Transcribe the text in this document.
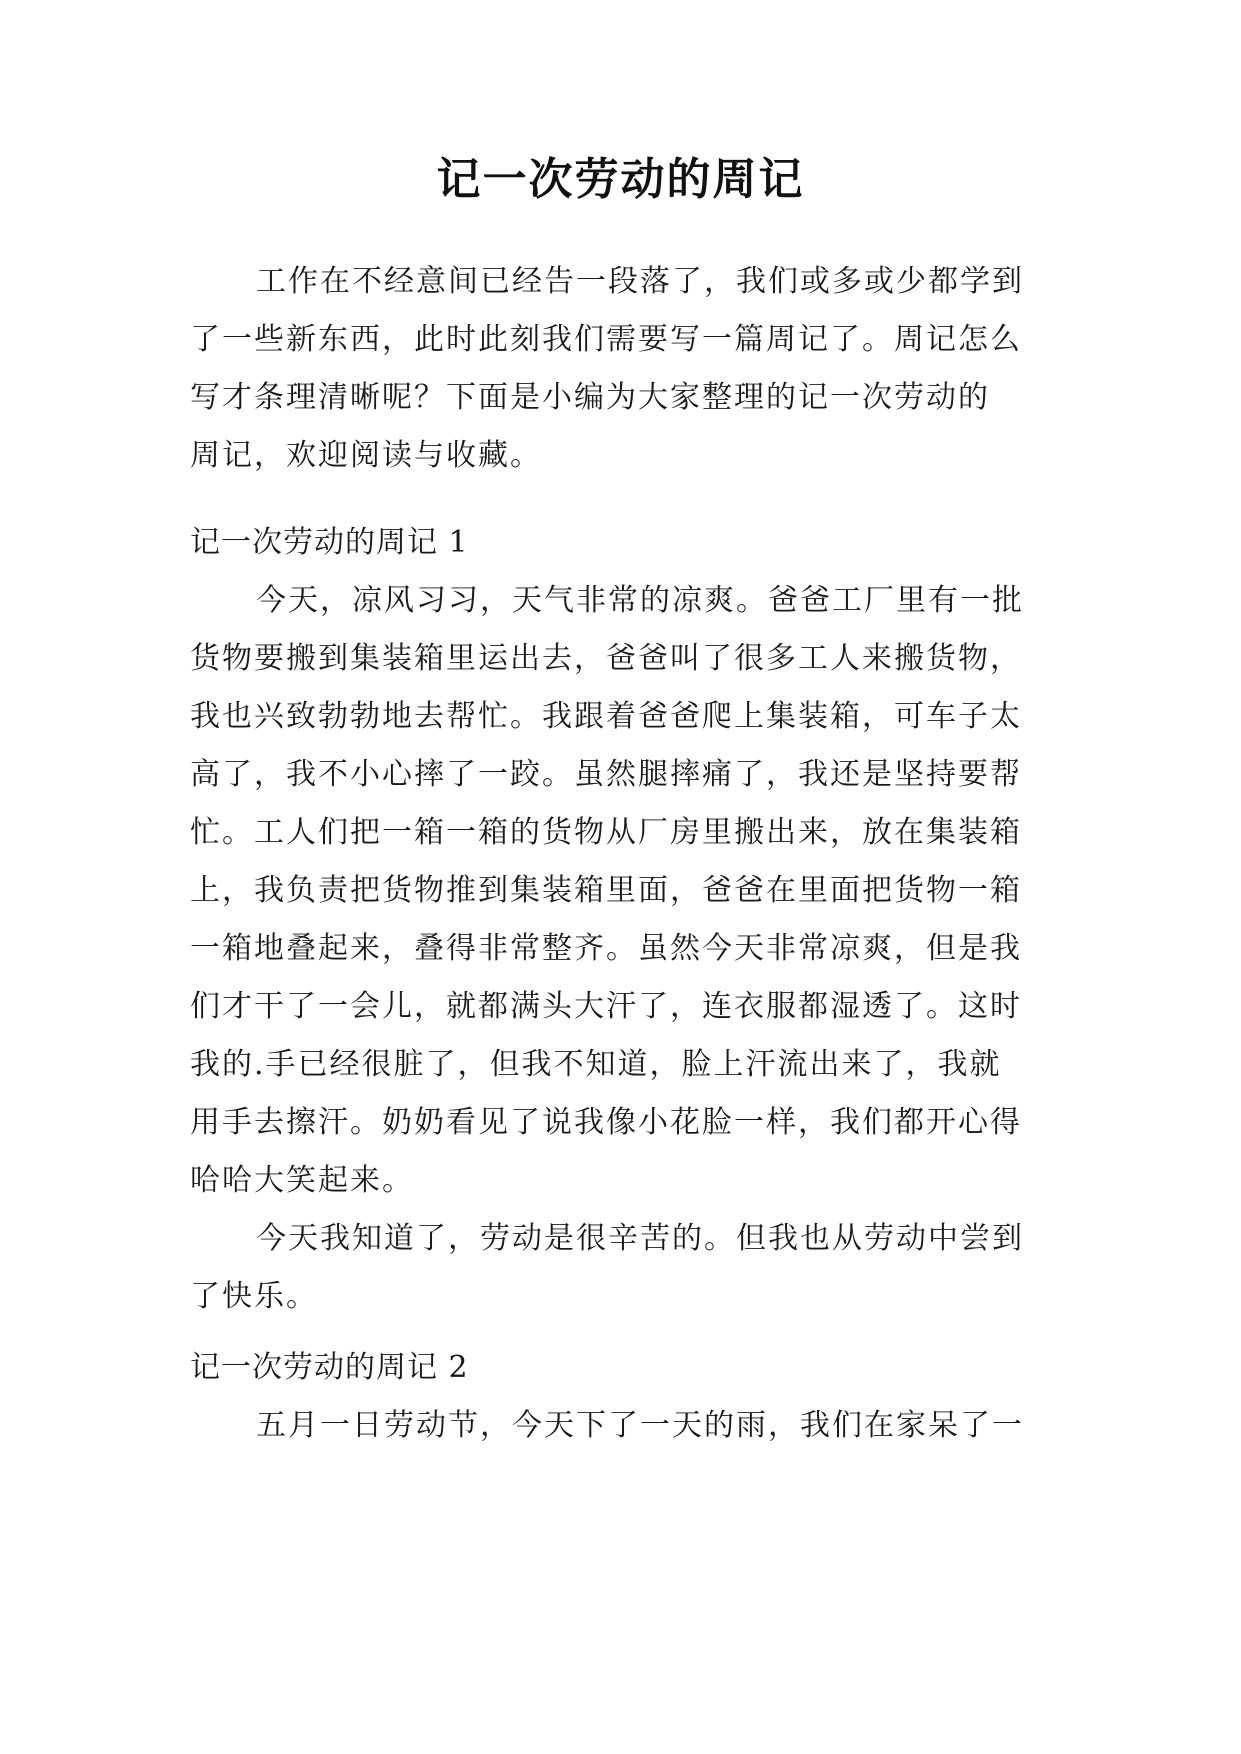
记一次劳动的周记
工作在不经意间已经告一段落了，我们或多或少都学到
了一些新东西，此时此刻我们需要写一篇周记了。周记怎么
写才条理清晰呢？下面是小编为大家整理的记一次劳动的
周记，欢迎阅读与收藏。
记一次劳动的周记 1
今天，凉风习习，天气非常的凉爽。爸爸工厂里有一批
货物要搬到集装箱里运出去，爸爸叫了很多工人来搬货物，
我也兴致勃勃地去帮忙。我跟着爸爸爬上集装箱，可车子太
高了，我不小心摔了一跤。虽然腿摔痛了，我还是坚持要帮
忙。工人们把一箱一箱的货物从厂房里搬出来，放在集装箱
上，我负责把货物推到集装箱里面，爸爸在里面把货物一箱
一箱地叠起来，叠得非常整齐。虽然今天非常凉爽，但是我
们才干了一会儿，就都满头大汗了，连衣服都湿透了。这时
我的.手已经很脏了，但我不知道，脸上汗流出来了，我就
用手去擦汗。奶奶看见了说我像小花脸一样，我们都开心得
哈哈大笑起来。
今天我知道了，劳动是很辛苦的。但我也从劳动中尝到
了快乐。
记一次劳动的周记 2
五月一日劳动节，今天下了一天的雨，我们在家呆了一
